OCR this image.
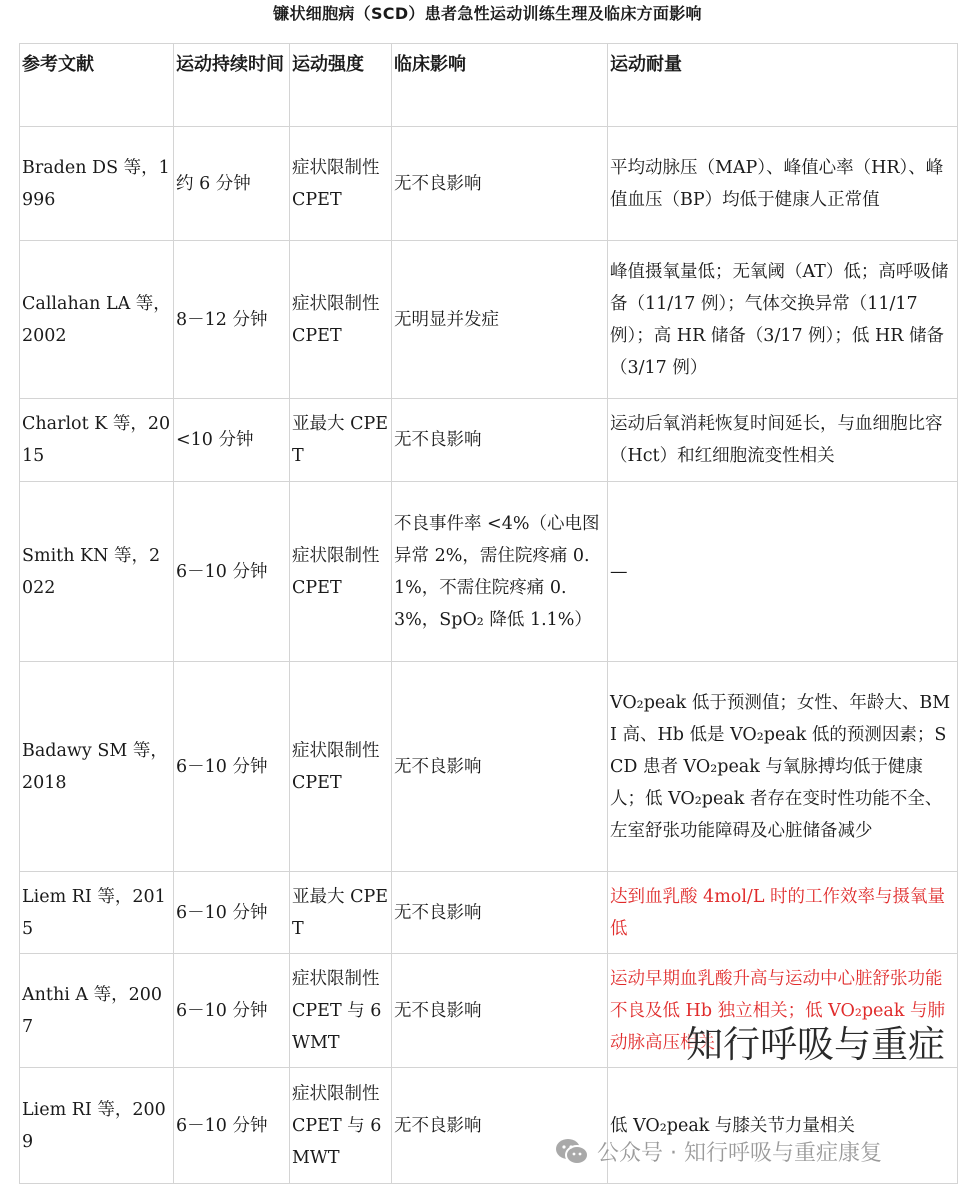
镰状细胞病（SCD）患者急性运动训练生理及临床方面影响
参考文献	运动持续时间	运动强度	临床影响	运动耐量
Braden DS 等，1996	约 6 分钟	症状限制性 CPET	无不良影响	平均动脉压（MAP）、峰值心率（HR）、峰值血压（BP）均低于健康人正常值
Callahan LA 等，2002	8－12 分钟	症状限制性 CPET	无明显并发症	峰值摄氧量低；无氧阈（AT）低；高呼吸储备（11/17 例）；气体交换异常（11/17 例）；高 HR 储备（3/17 例）；低 HR 储备（3/17 例）
Charlot K 等，2015	<10 分钟	亚最大 CPET	无不良影响	运动后氧消耗恢复时间延长，与血细胞比容（Hct）和红细胞流变性相关
Smith KN 等，2022	6－10 分钟	症状限制性 CPET	不良事件率 <4%（心电图异常 2%，需住院疼痛 0.1%，不需住院疼痛 0.3%，SpO₂ 降低 1.1%）	—
Badawy SM 等，2018	6－10 分钟	症状限制性 CPET	无不良影响	VO₂peak 低于预测值；女性、年龄大、BMI 高、Hb 低是 VO₂peak 低的预测因素；SCD 患者 VO₂peak 与氧脉搏均低于健康人；低 VO₂peak 者存在变时性功能不全、左室舒张功能障碍及心脏储备减少
Liem RI 等，2015	6－10 分钟	亚最大 CPET	无不良影响	达到血乳酸 4mol/L 时的工作效率与摄氧量低
Anthi A 等，2007	6－10 分钟	症状限制性 CPET 与 6WMT	无不良影响	运动早期血乳酸升高与运动中心脏舒张功能不良及低 Hb 独立相关；低 VO₂peak 与肺动脉高压相关
Liem RI 等，2009	6－10 分钟	症状限制性 CPET 与 6MWT	无不良影响	低 VO₂peak 与膝关节力量相关
知行呼吸与重症
公众号 · 知行呼吸与重症康复
